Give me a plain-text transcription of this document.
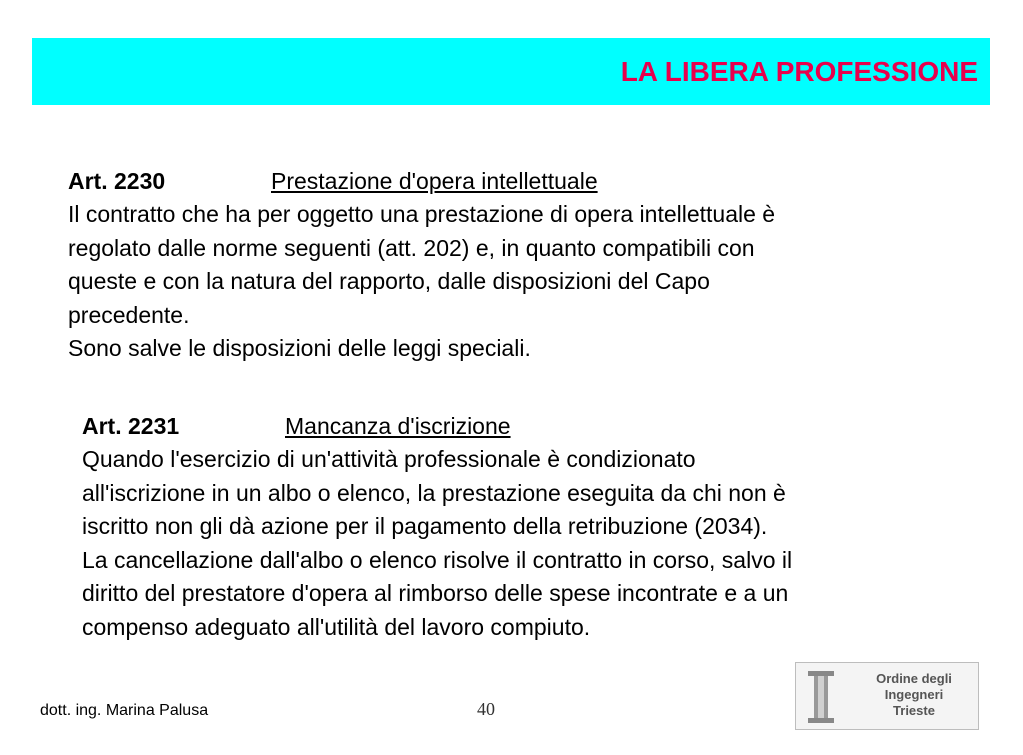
LA LIBERA PROFESSIONE
Art. 2230	Prestazione d'opera intellettuale
Il contratto che ha per oggetto una prestazione di opera intellettuale è
regolato dalle norme seguenti (att. 202) e, in quanto compatibili con
queste e con la natura del rapporto, dalle disposizioni del Capo
precedente.
Sono salve le disposizioni delle leggi speciali.
Art. 2231	Mancanza d'iscrizione
Quando l'esercizio di un'attività professionale è condizionato
all'iscrizione in un albo o elenco, la prestazione eseguita da chi non è
iscritto non gli dà azione per il pagamento della retribuzione (2034).
La cancellazione dall'albo o elenco risolve il contratto in corso, salvo il
diritto del prestatore d'opera al rimborso delle spese incontrate e a un
compenso adeguato all'utilità del lavoro compiuto.
dott. ing. Marina Palusa	40
Ordine degli
Ingegneri
Trieste
